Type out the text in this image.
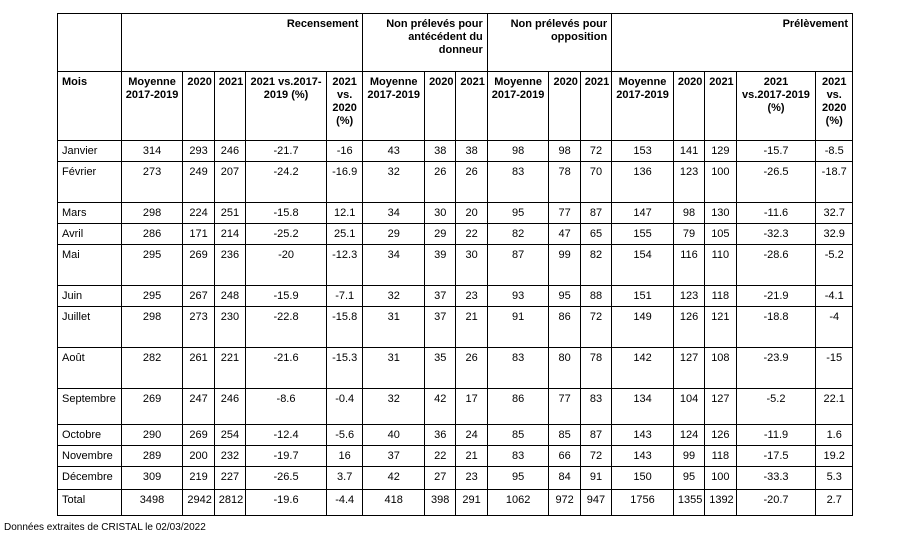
	Recensement					Non prélevés pour antécédent du donneur			Non prélevés pour opposition			Prélèvement				
Mois	Moyenne 2017-2019	2020	2021	2021 vs.2017-2019 (%)	2021 vs. 2020 (%)	Moyenne 2017-2019	2020	2021	Moyenne 2017-2019	2020	2021	Moyenne 2017-2019	2020	2021	2021 vs.2017-2019 (%)	2021 vs. 2020 (%)
Janvier	314	293	246	-21.7	-16	43	38	38	98	98	72	153	141	129	-15.7	-8.5
Février	273	249	207	-24.2	-16.9	32	26	26	83	78	70	136	123	100	-26.5	-18.7
Mars	298	224	251	-15.8	12.1	34	30	20	95	77	87	147	98	130	-11.6	32.7
Avril	286	171	214	-25.2	25.1	29	29	22	82	47	65	155	79	105	-32.3	32.9
Mai	295	269	236	-20	-12.3	34	39	30	87	99	82	154	116	110	-28.6	-5.2
Juin	295	267	248	-15.9	-7.1	32	37	23	93	95	88	151	123	118	-21.9	-4.1
Juillet	298	273	230	-22.8	-15.8	31	37	21	91	86	72	149	126	121	-18.8	-4
Août	282	261	221	-21.6	-15.3	31	35	26	83	80	78	142	127	108	-23.9	-15
Septembre	269	247	246	-8.6	-0.4	32	42	17	86	77	83	134	104	127	-5.2	22.1
Octobre	290	269	254	-12.4	-5.6	40	36	24	85	85	87	143	124	126	-11.9	1.6
Novembre	289	200	232	-19.7	16	37	22	21	83	66	72	143	99	118	-17.5	19.2
Décembre	309	219	227	-26.5	3.7	42	27	23	95	84	91	150	95	100	-33.3	5.3
Total	3498	2942	2812	-19.6	-4.4	418	398	291	1062	972	947	1756	1355	1392	-20.7	2.7
Données extraites de CRISTAL le 02/03/2022
